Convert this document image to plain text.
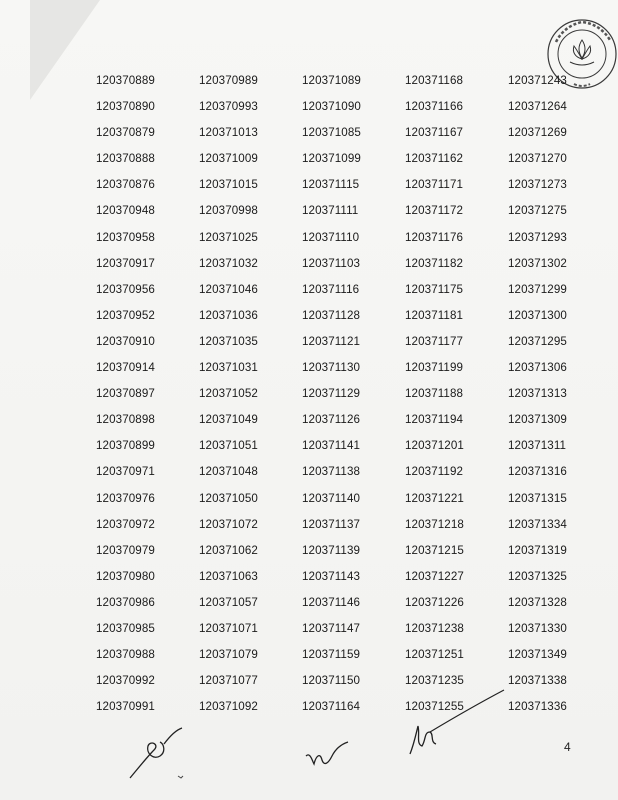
120370889	120370989	120371089	120371168	120371243
120370890	120370993	120371090	120371166	120371264
120370879	120371013	120371085	120371167	120371269
120370888	120371009	120371099	120371162	120371270
120370876	120371015	120371115	120371171	120371273
120370948	120370998	120371111	120371172	120371275
120370958	120371025	120371110	120371176	120371293
120370917	120371032	120371103	120371182	120371302
120370956	120371046	120371116	120371175	120371299
120370952	120371036	120371128	120371181	120371300
120370910	120371035	120371121	120371177	120371295
120370914	120371031	120371130	120371199	120371306
120370897	120371052	120371129	120371188	120371313
120370898	120371049	120371126	120371194	120371309
120370899	120371051	120371141	120371201	120371311
120370971	120371048	120371138	120371192	120371316
120370976	120371050	120371140	120371221	120371315
120370972	120371072	120371137	120371218	120371334
120370979	120371062	120371139	120371215	120371319
120370980	120371063	120371143	120371227	120371325
120370986	120371057	120371146	120371226	120371328
120370985	120371071	120371147	120371238	120371330
120370988	120371079	120371159	120371251	120371349
120370992	120371077	120371150	120371235	120371338
120370991	120371092	120371164	120371255	120371336
4
